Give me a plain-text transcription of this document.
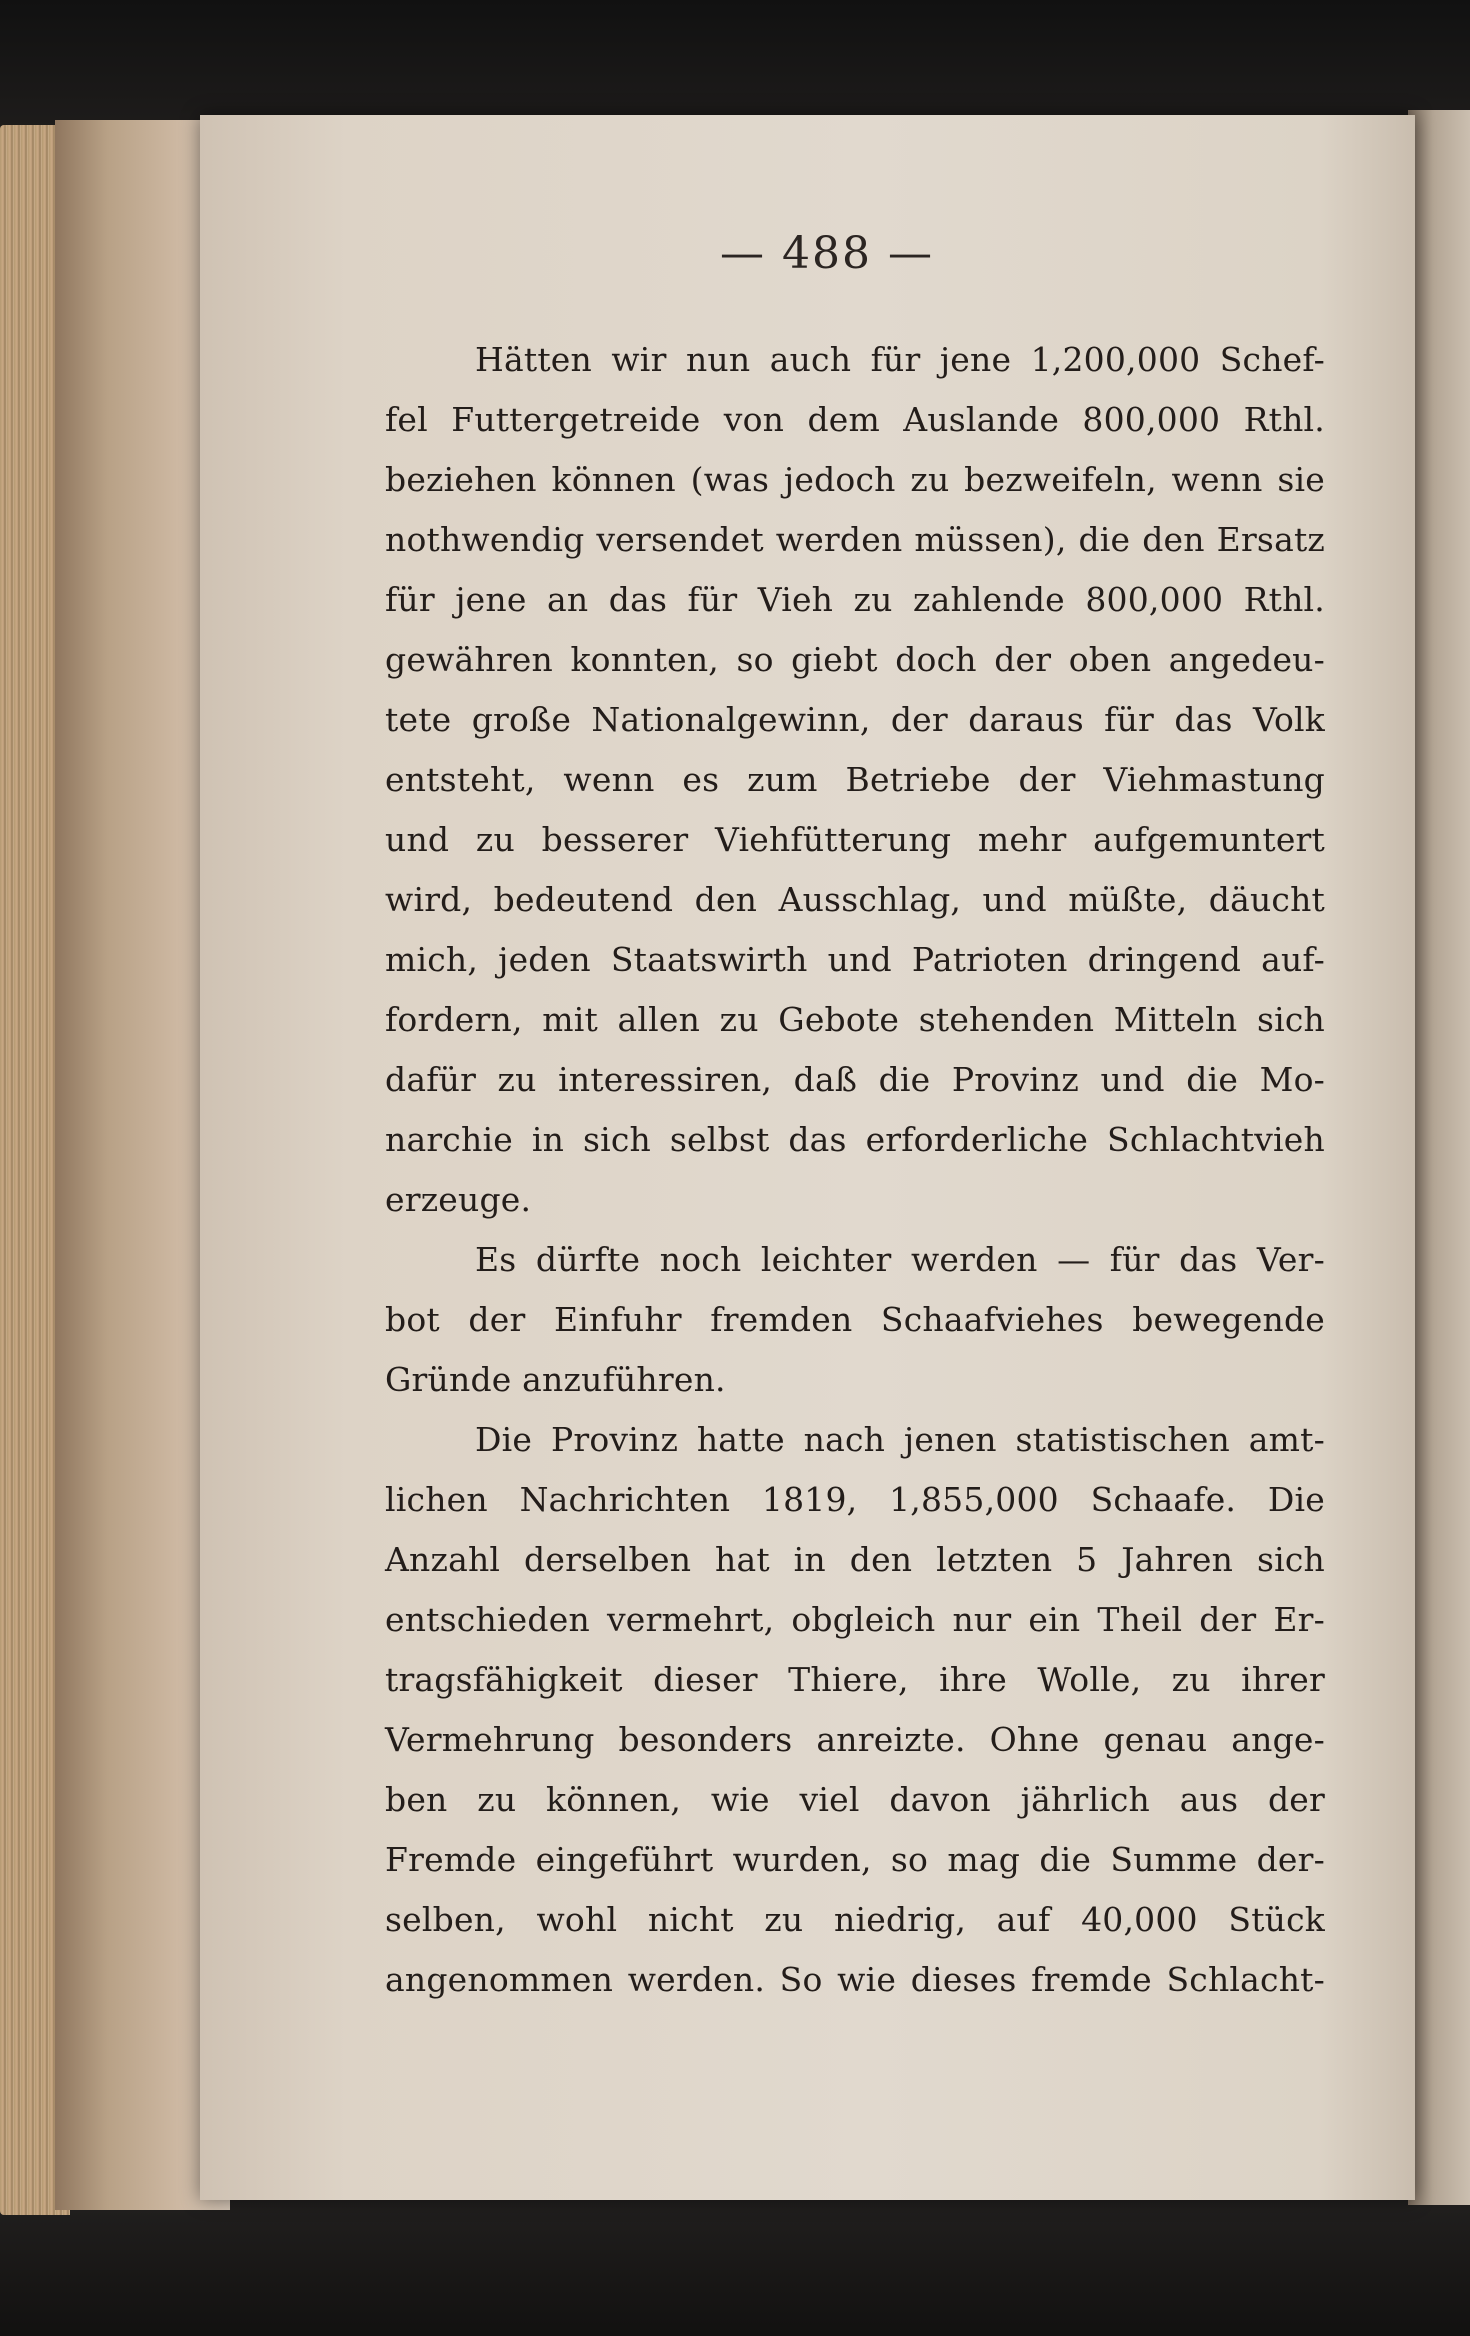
— 488 —
Hätten wir nun auch für jene 1,200,000 Schef-
fel Futtergetreide von dem Auslande 800,000 Rthl.
beziehen können (was jedoch zu bezweifeln, wenn sie
nothwendig versendet werden müssen), die den Ersatz
für jene an das für Vieh zu zahlende 800,000 Rthl.
gewähren konnten, so giebt doch der oben angedeu-
tete große Nationalgewinn, der daraus für das Volk
entsteht, wenn es zum Betriebe der Viehmastung
und zu besserer Viehfütterung mehr aufgemuntert
wird, bedeutend den Ausschlag, und müßte, däucht
mich, jeden Staatswirth und Patrioten dringend auf-
fordern, mit allen zu Gebote stehenden Mitteln sich
dafür zu interessiren, daß die Provinz und die Mo-
narchie in sich selbst das erforderliche Schlachtvieh
erzeuge.
Es dürfte noch leichter werden — für das Ver-
bot der Einfuhr fremden Schaafviehes bewegende
Gründe anzuführen.
Die Provinz hatte nach jenen statistischen amt-
lichen Nachrichten 1819, 1,855,000 Schaafe. Die
Anzahl derselben hat in den letzten 5 Jahren sich
entschieden vermehrt, obgleich nur ein Theil der Er-
tragsfähigkeit dieser Thiere, ihre Wolle, zu ihrer
Vermehrung besonders anreizte. Ohne genau ange-
ben zu können, wie viel davon jährlich aus der
Fremde eingeführt wurden, so mag die Summe der-
selben, wohl nicht zu niedrig, auf 40,000 Stück
angenommen werden. So wie dieses fremde Schlacht-
